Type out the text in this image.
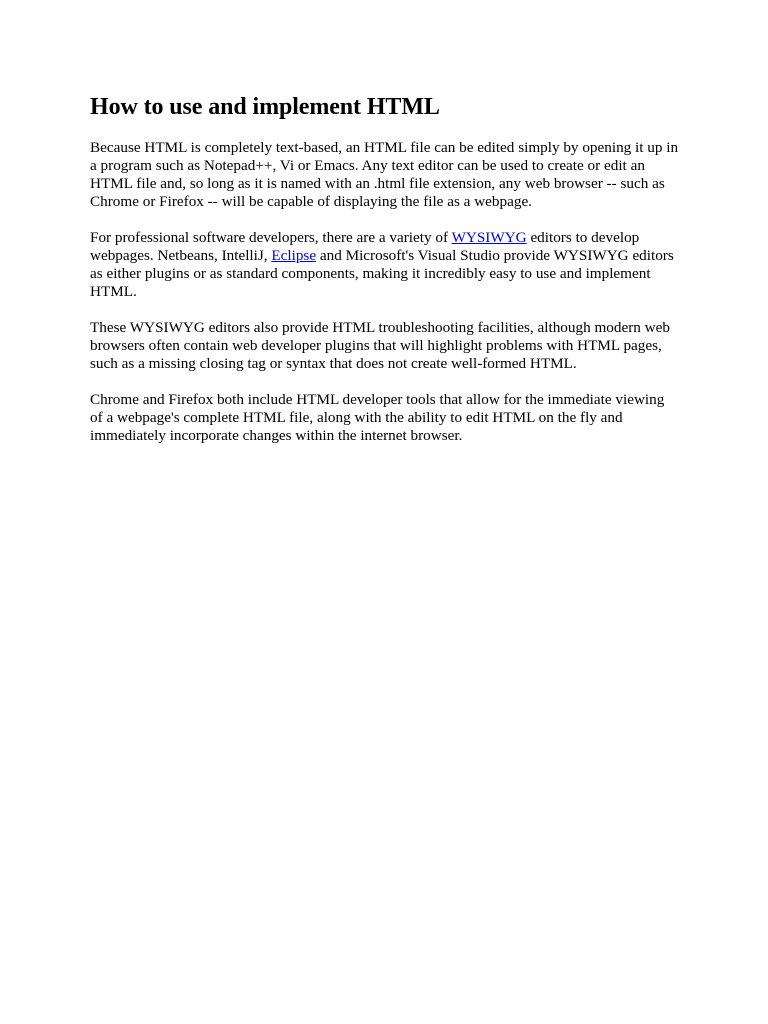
How to use and implement HTML

Because HTML is completely text-based, an HTML file can be edited simply by opening it up in a program such as Notepad++, Vi or Emacs. Any text editor can be used to create or edit an HTML file and, so long as it is named with an .html file extension, any web browser -- such as Chrome or Firefox -- will be capable of displaying the file as a webpage.

For professional software developers, there are a variety of WYSIWYG editors to develop webpages. Netbeans, IntelliJ, Eclipse and Microsoft's Visual Studio provide WYSIWYG editors as either plugins or as standard components, making it incredibly easy to use and implement HTML.

These WYSIWYG editors also provide HTML troubleshooting facilities, although modern web browsers often contain web developer plugins that will highlight problems with HTML pages, such as a missing closing tag or syntax that does not create well-formed HTML.

Chrome and Firefox both include HTML developer tools that allow for the immediate viewing of a webpage's complete HTML file, along with the ability to edit HTML on the fly and immediately incorporate changes within the internet browser.
